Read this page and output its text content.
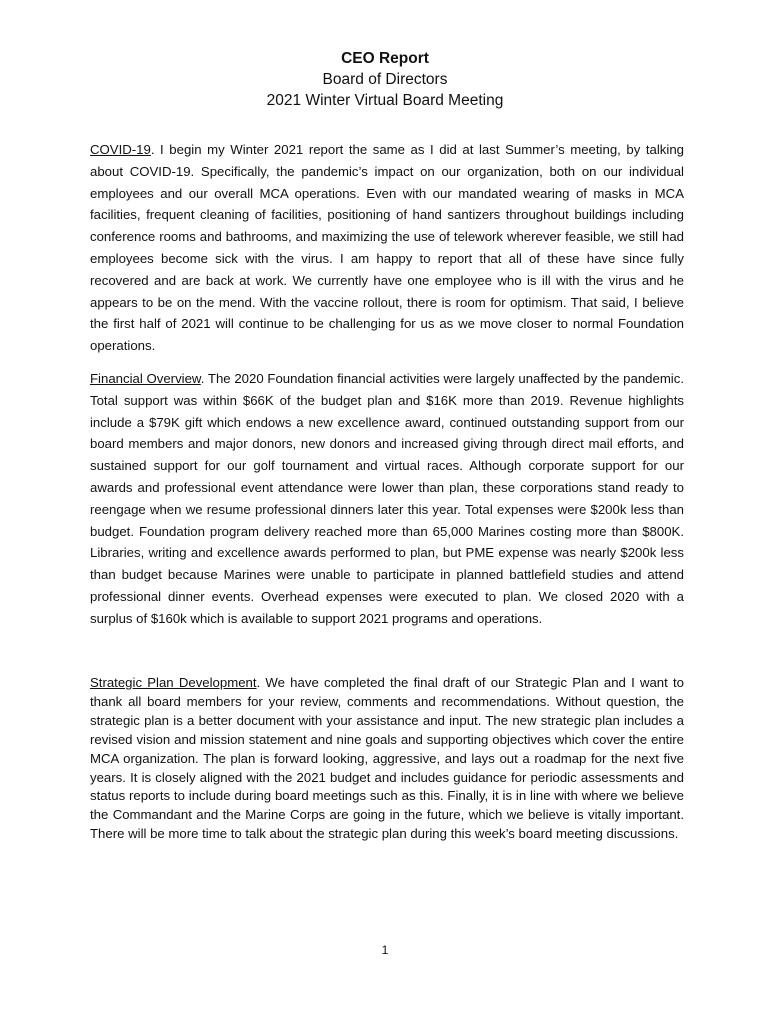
CEO Report
Board of Directors
2021 Winter Virtual Board Meeting

COVID-19. I begin my Winter 2021 report the same as I did at last Summer’s meeting, by talking about COVID-19. Specifically, the pandemic’s impact on our organization, both on our individual employees and our overall MCA operations. Even with our mandated wearing of masks in MCA facilities, frequent cleaning of facilities, positioning of hand santizers throughout buildings including conference rooms and bathrooms, and maximizing the use of telework wherever feasible, we still had employees become sick with the virus. I am happy to report that all of these have since fully recovered and are back at work. We currently have one employee who is ill with the virus and he appears to be on the mend. With the vaccine rollout, there is room for optimism. That said, I believe the first half of 2021 will continue to be challenging for us as we move closer to normal Foundation operations.

Financial Overview. The 2020 Foundation financial activities were largely unaffected by the pandemic. Total support was within $66K of the budget plan and $16K more than 2019. Revenue highlights include a $79K gift which endows a new excellence award, continued outstanding support from our board members and major donors, new donors and increased giving through direct mail efforts, and sustained support for our golf tournament and virtual races. Although corporate support for our awards and professional event attendance were lower than plan, these corporations stand ready to reengage when we resume professional dinners later this year. Total expenses were $200k less than budget. Foundation program delivery reached more than 65,000 Marines costing more than $800K. Libraries, writing and excellence awards performed to plan, but PME expense was nearly $200k less than budget because Marines were unable to participate in planned battlefield studies and attend professional dinner events. Overhead expenses were executed to plan. We closed 2020 with a surplus of $160k which is available to support 2021 programs and operations.

Strategic Plan Development. We have completed the final draft of our Strategic Plan and I want to thank all board members for your review, comments and recommendations. Without question, the strategic plan is a better document with your assistance and input. The new strategic plan includes a revised vision and mission statement and nine goals and supporting objectives which cover the entire MCA organization. The plan is forward looking, aggressive, and lays out a roadmap for the next five years. It is closely aligned with the 2021 budget and includes guidance for periodic assessments and status reports to include during board meetings such as this. Finally, it is in line with where we believe the Commandant and the Marine Corps are going in the future, which we believe is vitally important. There will be more time to talk about the strategic plan during this week’s board meeting discussions.

1
